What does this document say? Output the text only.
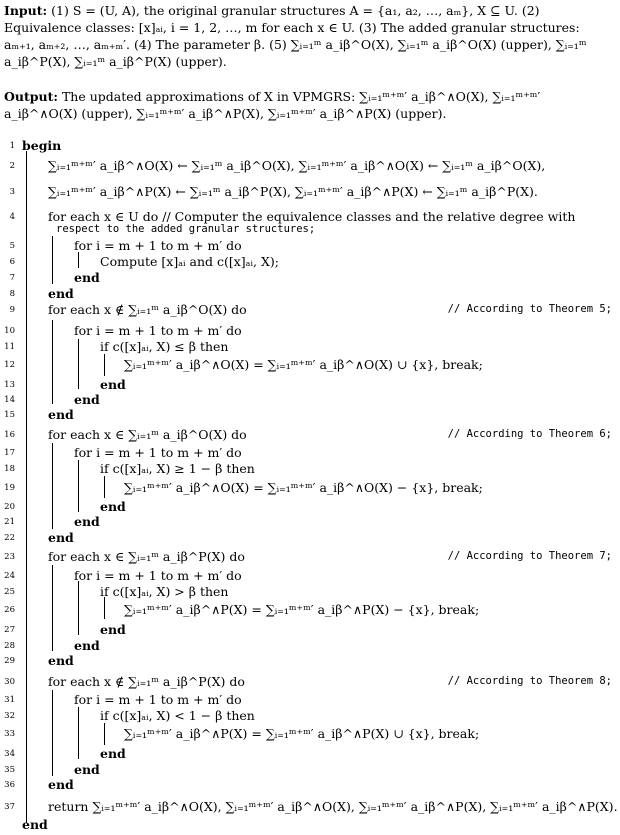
Input: (1) S = (U, A), the original granular structures A = {a₁, a₂, …, aₘ}, X ⊆ U. (2) Equivalence classes: [x]ₐᵢ, i = 1, 2, …, m for each x ∈ U. (3) The added granular structures: aₘ₊₁, aₘ₊₂, …, aₘ₊ₘ′. (4) The parameter β. (5) ∑ᵢ₌₁ᵐ a_iβ^O(X), ∑ᵢ₌₁ᵐ a_iβ^O(X) (upper), ∑ᵢ₌₁ᵐ a_iβ^P(X), ∑ᵢ₌₁ᵐ a_iβ^P(X) (upper).
Output: The updated approximations of X in VPMGRS: ∑ᵢ₌₁ᵐ⁺ᵐ′ a_iβ^∧O(X), ∑ᵢ₌₁ᵐ⁺ᵐ′ a_iβ^∧O(X) (upper), ∑ᵢ₌₁ᵐ⁺ᵐ′ a_iβ^∧P(X), ∑ᵢ₌₁ᵐ⁺ᵐ′ a_iβ^∧P(X) (upper).
1 begin
2	∑ᵢ₌₁ᵐ⁺ᵐ′ a_iβ^∧O(X) ← ∑ᵢ₌₁ᵐ a_iβ^O(X), ∑ᵢ₌₁ᵐ⁺ᵐ′ a_iβ^∧O(X) ← ∑ᵢ₌₁ᵐ a_iβ^O(X),
3	∑ᵢ₌₁ᵐ⁺ᵐ′ a_iβ^∧P(X) ← ∑ᵢ₌₁ᵐ a_iβ^P(X), ∑ᵢ₌₁ᵐ⁺ᵐ′ a_iβ^∧P(X) ← ∑ᵢ₌₁ᵐ a_iβ^P(X).
4	for each x ∈ U do // Computer the equivalence classes and the relative degree with
respect to the added granular structures;
5	for i = m + 1 to m + m′ do
6	Compute [x]ₐᵢ and c([x]ₐᵢ, X);
7	end
8	end
9	for each x ∉ ∑ᵢ₌₁ᵐ a_iβ^O(X) do	// According to Theorem 5;
10	for i = m + 1 to m + m′ do
11	if c([x]ₐᵢ, X) ≤ β then
12	∑ᵢ₌₁ᵐ⁺ᵐ′ a_iβ^∧O(X) = ∑ᵢ₌₁ᵐ⁺ᵐ′ a_iβ^∧O(X) ∪ {x}, break;
13	end
14	end
15	end
16	for each x ∈ ∑ᵢ₌₁ᵐ a_iβ^O(X) do	// According to Theorem 6;
17	for i = m + 1 to m + m′ do
18	if c([x]ₐᵢ, X) ≥ 1 − β then
19	∑ᵢ₌₁ᵐ⁺ᵐ′ a_iβ^∧O(X) = ∑ᵢ₌₁ᵐ⁺ᵐ′ a_iβ^∧O(X) − {x}, break;
20	end
21	end
22	end
23	for each x ∈ ∑ᵢ₌₁ᵐ a_iβ^P(X) do	// According to Theorem 7;
24	for i = m + 1 to m + m′ do
25	if c([x]ₐᵢ, X) > β then
26	∑ᵢ₌₁ᵐ⁺ᵐ′ a_iβ^∧P(X) = ∑ᵢ₌₁ᵐ⁺ᵐ′ a_iβ^∧P(X) − {x}, break;
27	end
28	end
29	end
30	for each x ∉ ∑ᵢ₌₁ᵐ a_iβ^P(X) do	// According to Theorem 8;
31	for i = m + 1 to m + m′ do
32	if c([x]ₐᵢ, X) < 1 − β then
33	∑ᵢ₌₁ᵐ⁺ᵐ′ a_iβ^∧P(X) = ∑ᵢ₌₁ᵐ⁺ᵐ′ a_iβ^∧P(X) ∪ {x}, break;
34	end
35	end
36	end
37	return ∑ᵢ₌₁ᵐ⁺ᵐ′ a_iβ^∧O(X), ∑ᵢ₌₁ᵐ⁺ᵐ′ a_iβ^∧O(X), ∑ᵢ₌₁ᵐ⁺ᵐ′ a_iβ^∧P(X), ∑ᵢ₌₁ᵐ⁺ᵐ′ a_iβ^∧P(X).
end
